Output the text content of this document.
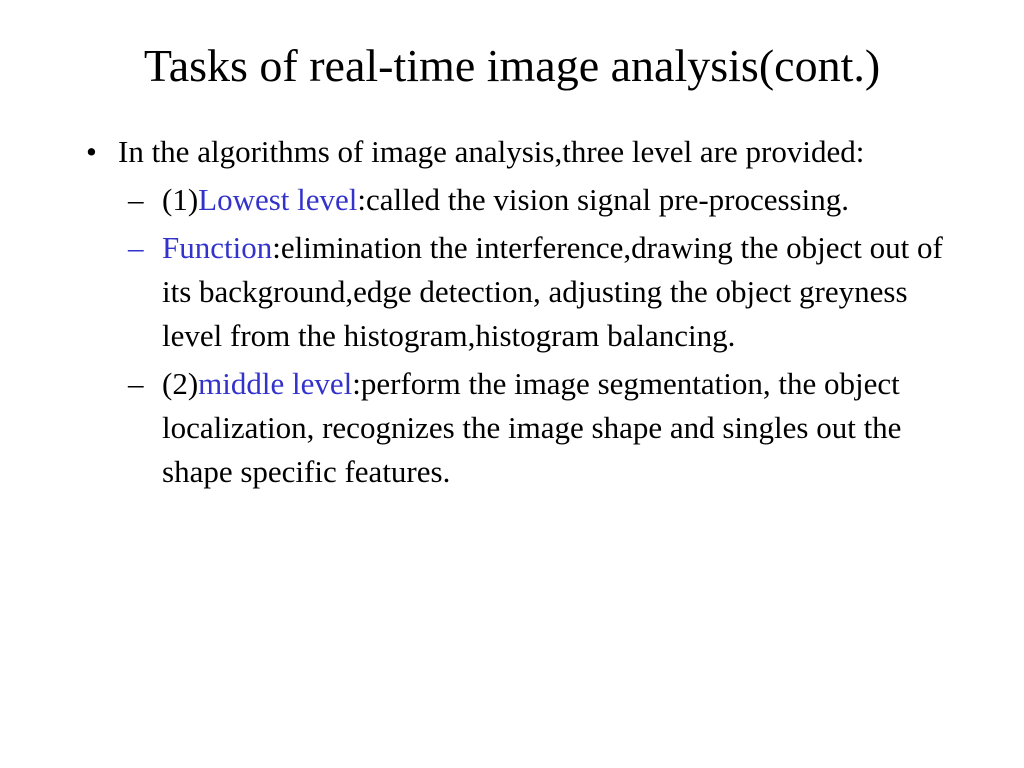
Tasks of real-time image analysis(cont.)
• In the algorithms of image analysis,three level are provided:
– (1)Lowest level:called the vision signal pre-processing.
– Function:elimination the interference,drawing the object out of its background,edge detection, adjusting the object greyness level from the histogram,histogram balancing.
– (2)middle level:perform the image segmentation, the object localization, recognizes the image shape and singles out the shape specific features.
